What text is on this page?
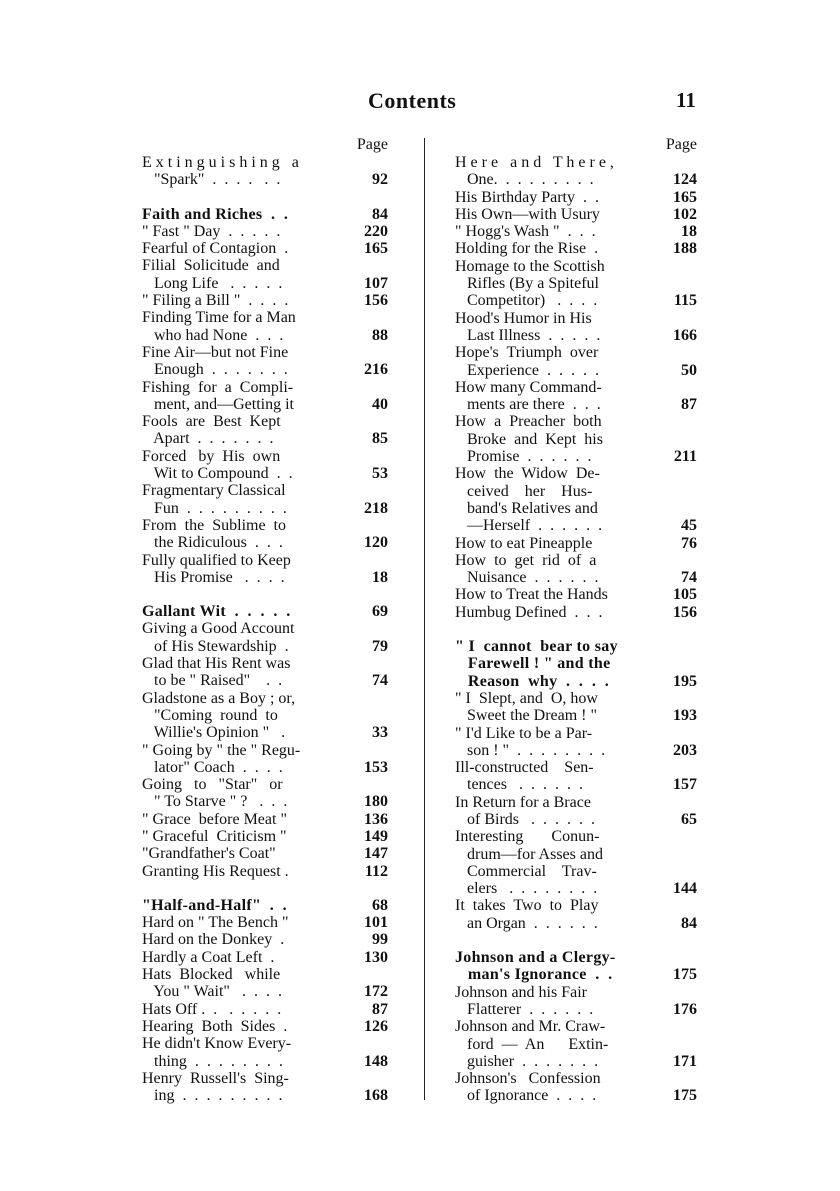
Contents	11
Page
E x t i n g u i s h i n g   a
"Spark"  .  .  .  .   .  .	92
Faith and Riches  .  .	84
" Fast " Day  .  .  .  .  .	220
Fearful of Contagion  .	165
Filial  Solicitude  and
Long Life   .  .  .  .  .	107
" Filing a Bill "  .  .  .  .	156
Finding Time for a Man
who had None  .  .  .	88
Fine Air—but not Fine
Enough  .  .  .  .  .  .  .	216
Fishing  for  a  Compli-
ment, and—Getting it	40
Fools  are  Best  Kept
Apart  .  .  .  .  .  .  .	85
Forced   by  His  own
Wit to Compound  .  .	53
Fragmentary Classical
Fun  .  .  .  .  .  .  .  .  .	218
From  the  Sublime  to
the Ridiculous  .  .  .	120
Fully qualified to Keep
His Promise   .  .  .  .	18
Gallant Wit  .  .  .  .  .	69
Giving a Good Account
of His Stewardship  .	79
Glad that His Rent was
to be " Raised"    .  .	74
Gladstone as a Boy ; or,
"Coming  round  to
Willie's Opinion "   .	33
" Going by " the " Regu-
lator" Coach  .  .  .  .	153
Going   to   "Star"   or
" To Starve " ?   .  .  .	180
" Grace  before Meat "	136
" Graceful  Criticism "	149
"Grandfather's Coat"	147
Granting His Request .	112
"Half-and-Half"  .  .	68
Hard on " The Bench "	101
Hard on the Donkey  .	99
Hardly a Coat Left  .	130
Hats  Blocked   while
You " Wait"   .  .  .  .	172
Hats Off .  .   .  .  .  .  .	87
Hearing  Both  Sides  .	126
He didn't Know Every-
thing  .  .  .  .  .  .  .  .	148
Henry  Russell's  Sing-
ing  .  .  .  .  .  .  .  .  .	168
Page
H e r e   a n d   T h e r e ,
One.  .  .  .  .  .  .  .  .	124
His Birthday Party  .  .	165
His Own—with Usury	102
" Hogg's Wash "  .  .  .	18
Holding for the Rise  .	188
Homage to the Scottish
Rifles (By a Spiteful
Competitor)   .  .  .  .	115
Hood's Humor in His
Last Illness  .  .  .  .  .	166
Hope's  Triumph  over
Experience  .  .  .  .  .	50
How many Command-
ments are there  .  .  .	87
How  a  Preacher  both
Broke  and  Kept  his
Promise  .  .  .  .  .  .	211
How  the  Widow  De-
ceived    her    Hus-
band's Relatives and
—Herself  .  .  .  .  .  .	45
How to eat Pineapple	76
How  to  get  rid  of  a
Nuisance  .  .  .  .  .  .	74
How to Treat the Hands	105
Humbug Defined  .  .  .	156
" I  cannot  bear to say
Farewell ! " and the
Reason  why  .  .  .  .	195
" I  Slept, and  O, how
Sweet the Dream ! "	193
" I'd Like to be a Par-
son ! "  .  .  .  .  .  .  .  .	203
Ill-constructed    Sen-
tences   .  .  .  .  .  .	157
In Return for a Brace
of Birds   .  .  .  .  .  .	65
Interesting       Conun-
drum—for Asses and
Commercial    Trav-
elers   .  .  .  .  .  .  .  .	144
It  takes  Two  to  Play
an Organ  .  .  .  .  .  .	84
Johnson and a Clergy-
man's Ignorance  .  .	175
Johnson and his Fair
Flatterer  .  .  .  .  .  .	176
Johnson and Mr. Craw-
ford  —  An      Extin-
guisher  .  .  .  .  .  .  .	171
Johnson's   Confession
of Ignorance  .  .  .  .	175
